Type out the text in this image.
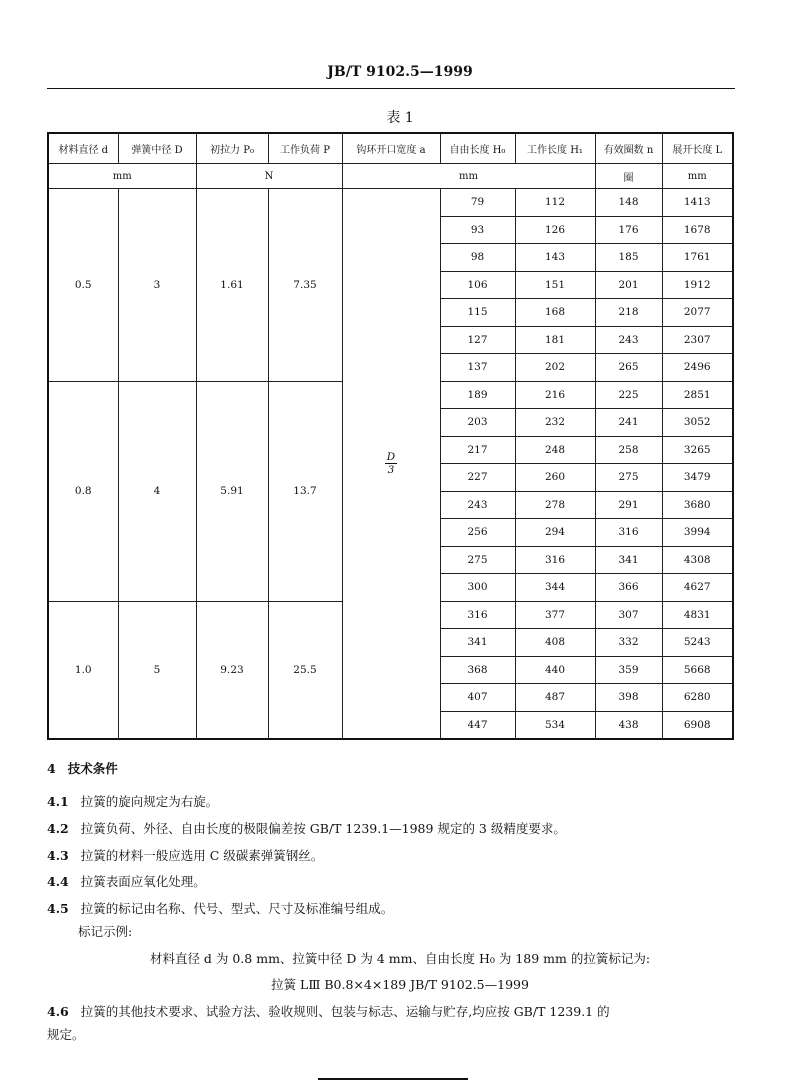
JB/T 9102.5—1999
表 1
材料直径 d	弹簧中径 D	初拉力 P₀	工作负荷 P	钩环开口宽度 a	自由长度 H₀	工作长度 H₁	有效圈数 n	展开长度 L
mm		N		mm			圈	mm
0.5	3	1.61	7.35	$\frac{D}{3}$	79	112	148	1413
					93	126	176	1678
					98	143	185	1761
					106	151	201	1912
					115	168	218	2077
					127	181	243	2307
					137	202	265	2496
0.8	4	5.91	13.7		189	216	225	2851
					203	232	241	3052
					217	248	258	3265
					227	260	275	3479
					243	278	291	3680
					256	294	316	3994
					275	316	341	4308
					300	344	366	4627
1.0	5	9.23	25.5		316	377	307	4831
					341	408	332	5243
					368	440	359	5668
					407	487	398	6280
					447	534	438	6908
4 技术条件
4.1 拉簧的旋向规定为右旋。
4.2 拉簧负荷、外径、自由长度的极限偏差按 GB/T 1239.1—1989 规定的 3 级精度要求。
4.3 拉簧的材料一般应选用 C 级碳素弹簧钢丝。
4.4 拉簧表面应氧化处理。
4.5 拉簧的标记由名称、代号、型式、尺寸及标准编号组成。
标记示例:
材料直径 d 为 0.8 mm、拉簧中径 D 为 4 mm、自由长度 H₀ 为 189 mm 的拉簧标记为:
拉簧 LⅢ B0.8×4×189 JB/T 9102.5—1999
4.6 拉簧的其他技术要求、试验方法、验收规则、包装与标志、运输与贮存,均应按 GB/T 1239.1 的
规定。
